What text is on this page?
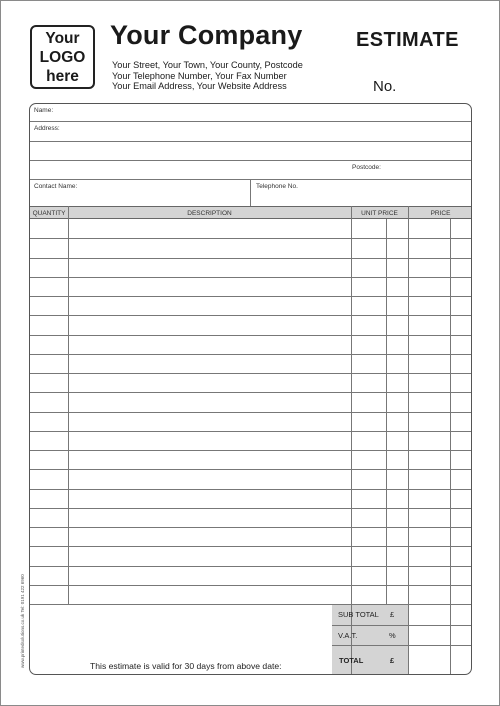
Your
LOGO
here
Your Company
Your Street, Your Town, Your County, Postcode
Your Telephone Number, Your Fax Number
Your Email Address, Your Website Address
ESTIMATE
No.
Name:
Address:
Postcode:
Contact Name:	Telephone No.
QUANTITY	DESCRIPTION	UNIT PRICE	PRICE
SUB TOTAL £
V.A.T.	%
TOTAL	£
This estimate is valid for 30 days from above date:
www.printedsolutions.co.uk Tel: 0191 422 6960
